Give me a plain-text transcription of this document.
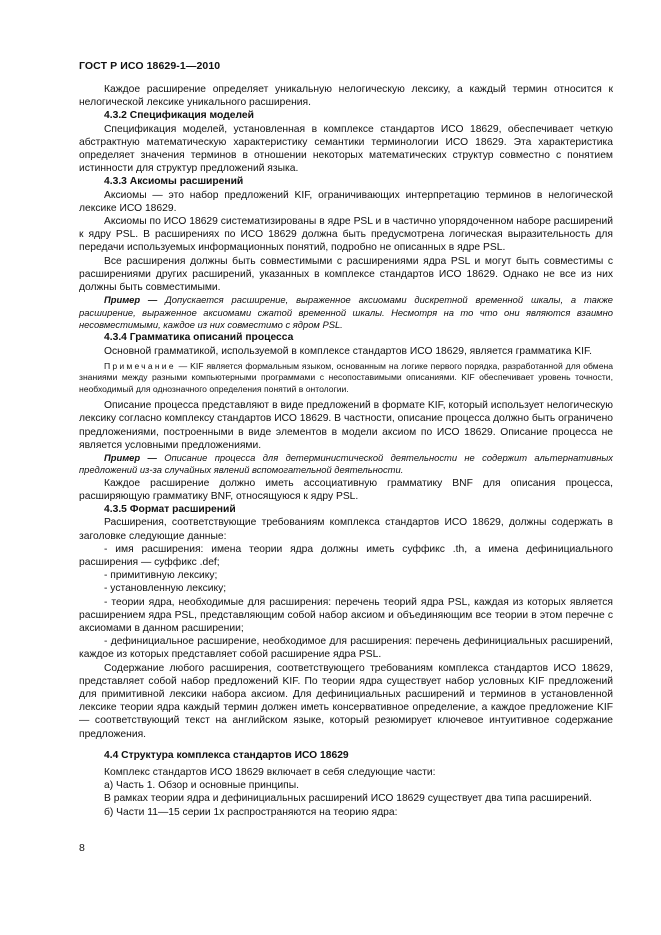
ГОСТ Р ИСО 18629-1—2010

Каждое расширение определяет уникальную нелогическую лексику, а каждый термин относится к нелогической лексике уникального расширения.

4.3.2 Спецификация моделей

Спецификация моделей, установленная в комплексе стандартов ИСО 18629, обеспечивает четкую абстрактную математическую характеристику семантики терминологии ИСО 18629. Эта характеристика определяет значения терминов в отношении некоторых математических структур совместно с понятием истинности для структур предложений языка.

4.3.3 Аксиомы расширений

Аксиомы — это набор предложений KIF, ограничивающих интерпретацию терминов в нелогической лексике ИСО 18629.

Аксиомы по ИСО 18629 систематизированы в ядре PSL и в частично упорядоченном наборе расширений к ядру PSL. В расширениях по ИСО 18629 должна быть предусмотрена логическая выразительность для передачи используемых информационных понятий, подробно не описанных в ядре PSL.

Все расширения должны быть совместимыми с расширениями ядра PSL и могут быть совместимы с расширениями других расширений, указанных в комплексе стандартов ИСО 18629. Однако не все из них должны быть совместимыми.

Пример — Допускается расширение, выраженное аксиомами дискретной временной шкалы, а также расширение, выраженное аксиомами сжатой временной шкалы. Несмотря на то что они являются взаимно несовместимыми, каждое из них совместимо с ядром PSL.

4.3.4 Грамматика описаний процесса

Основной грамматикой, используемой в комплексе стандартов ИСО 18629, является грамматика KIF.

Примечание — KIF является формальным языком, основанным на логике первого порядка, разработанной для обмена знаниями между разными компьютерными программами с несопоставимыми описаниями. KIF обеспечивает уровень точности, необходимый для однозначного определения понятий в онтологии.

Описание процесса представляют в виде предложений в формате KIF, который использует нелогическую лексику согласно комплексу стандартов ИСО 18629. В частности, описание процесса должно быть ограничено предложениями, построенными в виде элементов в модели аксиом по ИСО 18629. Описание процесса не является условными предложениями.

Пример — Описание процесса для детерминистической деятельности не содержит альтернативных предложений из-за случайных явлений вспомогательной деятельности.

Каждое расширение должно иметь ассоциативную грамматику BNF для описания процесса, расширяющую грамматику BNF, относящуюся к ядру PSL.

4.3.5 Формат расширений

Расширения, соответствующие требованиям комплекса стандартов ИСО 18629, должны содержать в заголовке следующие данные:

- имя расширения: имена теории ядра должны иметь суффикс .th, а имена дефинициального расширения — суффикс .def;

- примитивную лексику;

- установленную лексику;

- теории ядра, необходимые для расширения: перечень теорий ядра PSL, каждая из которых является расширением ядра PSL, представляющим собой набор аксиом и объединяющим все теории в этом перечне с аксиомами в данном расширении;

- дефинициальное расширение, необходимое для расширения: перечень дефинициальных расширений, каждое из которых представляет собой расширение ядра PSL.

Содержание любого расширения, соответствующего требованиям комплекса стандартов ИСО 18629, представляет собой набор предложений KIF. По теории ядра существует набор условных KIF предложений для примитивной лексики набора аксиом. Для дефинициальных расширений и терминов в установленной лексике теории ядра каждый термин должен иметь консервативное определение, а каждое предложение KIF — соответствующий текст на английском языке, который резюмирует ключевое интуитивное содержание предложения.

4.4 Структура комплекса стандартов ИСО 18629

Комплекс стандартов ИСО 18629 включает в себя следующие части:

а) Часть 1. Обзор и основные принципы.

В рамках теории ядра и дефинициальных расширений ИСО 18629 существует два типа расширений.

б) Части 11—15 серии 1х распространяются на теорию ядра:

8
